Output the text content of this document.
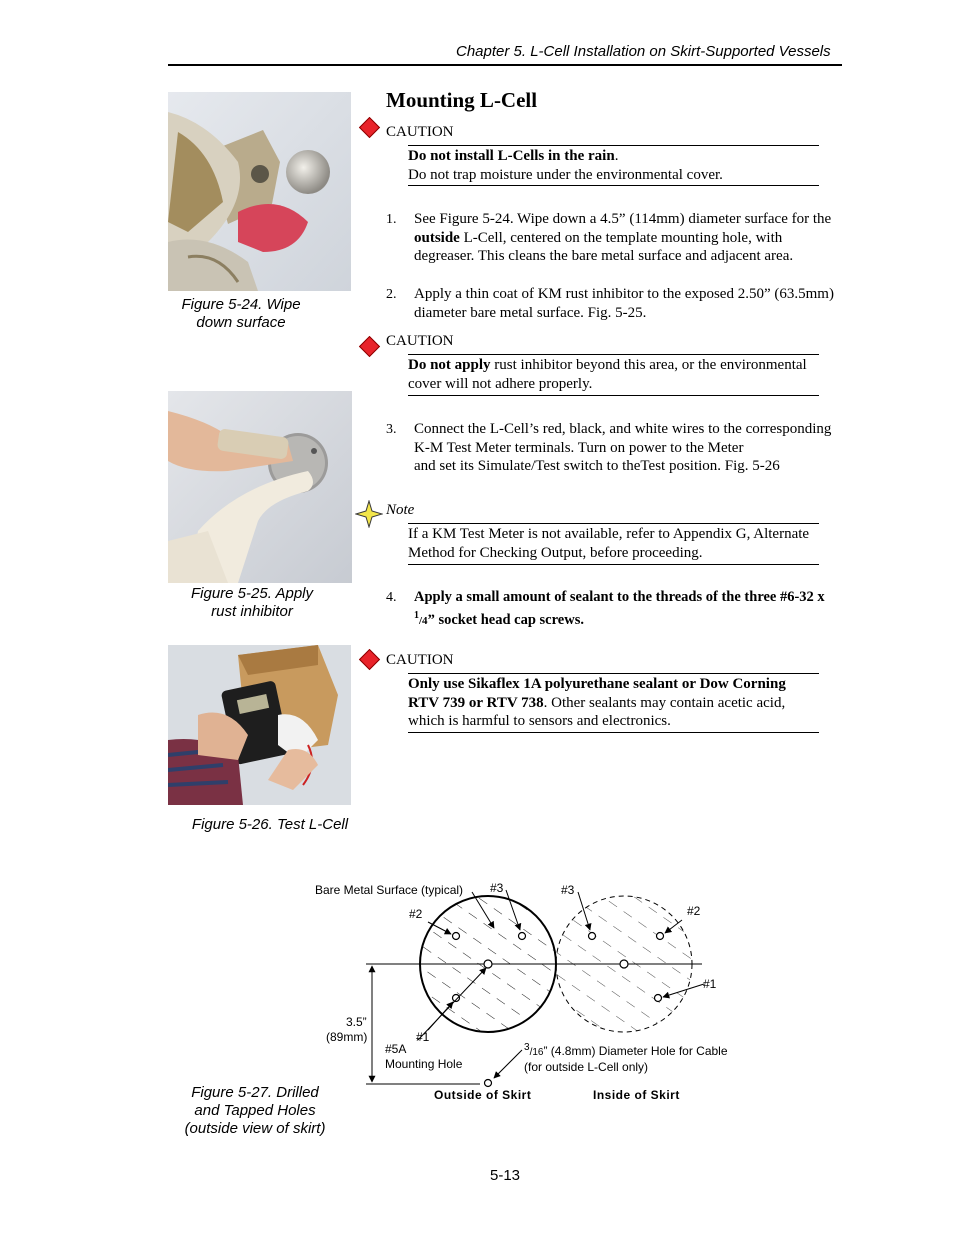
Chapter 5. L-Cell Installation on Skirt-Supported Vessels
Figure 5-24. Wipe
down surface
Figure 5-25. Apply
rust inhibitor
Figure 5-26. Test L-Cell
Mounting L-Cell
CAUTION
Do not install L-Cells in the rain.
Do not trap moisture under the environmental cover.
1. See Figure 5-24. Wipe down a 4.5” (114mm) diameter surface for the
outside L-Cell, centered on the template mounting hole, with
degreaser. This cleans the bare metal surface and adjacent area.
2. Apply a thin coat of KM rust inhibitor to the exposed 2.50” (63.5mm)
diameter bare metal surface. Fig. 5-25.
CAUTION
Do not apply rust inhibitor beyond this area, or the environmental
cover will not adhere properly.
3. Connect the L-Cell’s red, black, and white wires to the corresponding
K-M Test Meter terminals. Turn on power to the Meter
and set its Simulate/Test switch to theTest position. Fig. 5-26
Note
If a KM Test Meter is not available, refer to Appendix G, Alternate
Method for Checking Output, before proceeding.
4. Apply a small amount of sealant to the threads of the three #6-32 x
$^1$/4” socket head cap screws.
CAUTION
Only use Sikaflex 1A polyurethane sealant or Dow Corning
RTV 739 or RTV 738. Other sealants may contain acetic acid,
which is harmful to sensors and electronics.
Bare Metal Surface (typical) #3	#3
#2	#2
#1
#1
3.5”
(89mm)
#5A
Mounting Hole
$^3$/16” (4.8mm) Diameter Hole for Cable
(for outside L-Cell only)
Outside of Skirt	Inside of Skirt
Figure 5-27. Drilled
and Tapped Holes
(outside view of skirt)
5-13
